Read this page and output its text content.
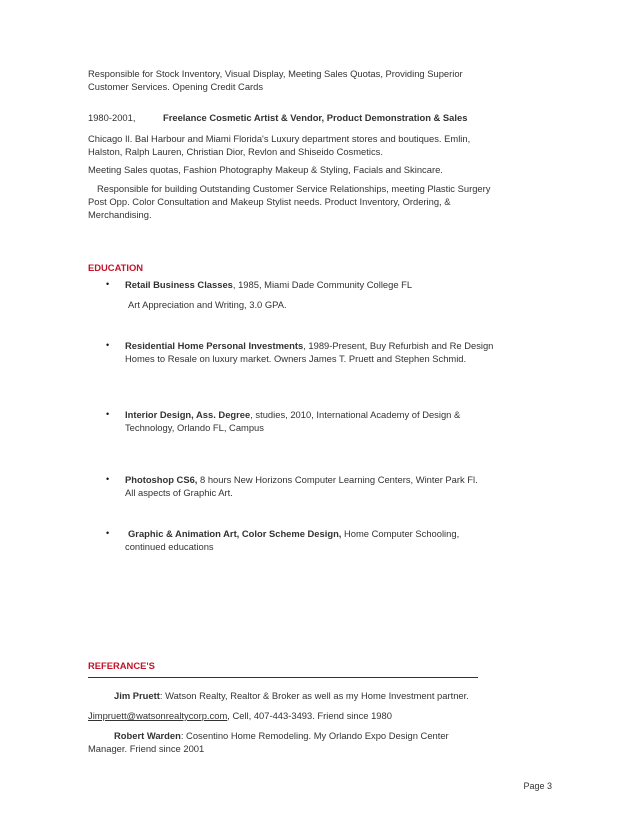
Responsible for Stock Inventory, Visual Display, Meeting Sales Quotas, Providing Superior

Customer Services. Opening Credit Cards

1980-2001,	Freelance Cosmetic Artist & Vendor, Product Demonstration & Sales

Chicago Il. Bal Harbour and Miami Florida's Luxury department stores and boutiques. Emlin,

Halston, Ralph Lauren, Christian Dior, Revlon and Shiseido Cosmetics.

Meeting Sales quotas, Fashion Photography Makeup & Styling, Facials and Skincare.

Responsible for building Outstanding Customer Service Relationships, meeting Plastic Surgery

Post Opp. Color Consultation and Makeup Stylist needs. Product Inventory, Ordering, &

Merchandising.

EDUCATION
• Retail Business Classes, 1985, Miami Dade Community College FL

Art Appreciation and Writing, 3.0 GPA.

• Residential Home Personal Investments, 1989-Present, Buy Refurbish and Re Design

Homes to Resale on luxury market. Owners James T. Pruett and Stephen Schmid.

• Interior Design, Ass. Degree, studies, 2010, International Academy of Design &

Technology, Orlando FL, Campus

• Photoshop CS6, 8 hours New Horizons Computer Learning Centers, Winter Park Fl.

All aspects of Graphic Art.

•	Graphic & Animation Art, Color Scheme Design, Home Computer Schooling,

continued educations

REFERANCE'S

Jim Pruett: Watson Realty, Realtor & Broker as well as my Home Investment partner.

Jimpruett@watsonrealtycorp.com, Cell, 407-443-3493. Friend since 1980

Robert Warden: Cosentino Home Remodeling. My Orlando Expo Design Center

Manager. Friend since 2001

Page 3
